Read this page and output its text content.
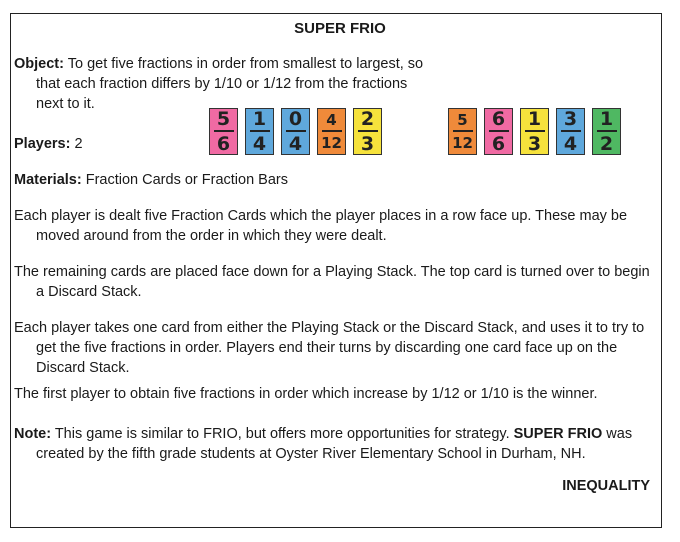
SUPER FRIO
Object: To get five fractions in order from smallest to largest, so that each fraction differs by 1/10 or 1/12 from the fractions next to it.
Players: 2
5
6
1
4
0
4
4
12
2
3
5
12
6
6
1
3
3
4
1
2
Materials: Fraction Cards or Fraction Bars
Each player is dealt five Fraction Cards which the player places in a row face up. These may be moved around from the order in which they were dealt.
The remaining cards are placed face down for a Playing Stack. The top card is turned over to begin a Discard Stack.
Each player takes one card from either the Playing Stack or the Discard Stack, and uses it to try to get the five fractions in order. Players end their turns by discarding one card face up on the Discard Stack.
The first player to obtain five fractions in order which increase by 1/12 or 1/10 is the winner.
Note: This game is similar to FRIO, but offers more opportunities for strategy. SUPER FRIO was created by the fifth grade students at Oyster River Elementary School in Durham, NH.
INEQUALITY
